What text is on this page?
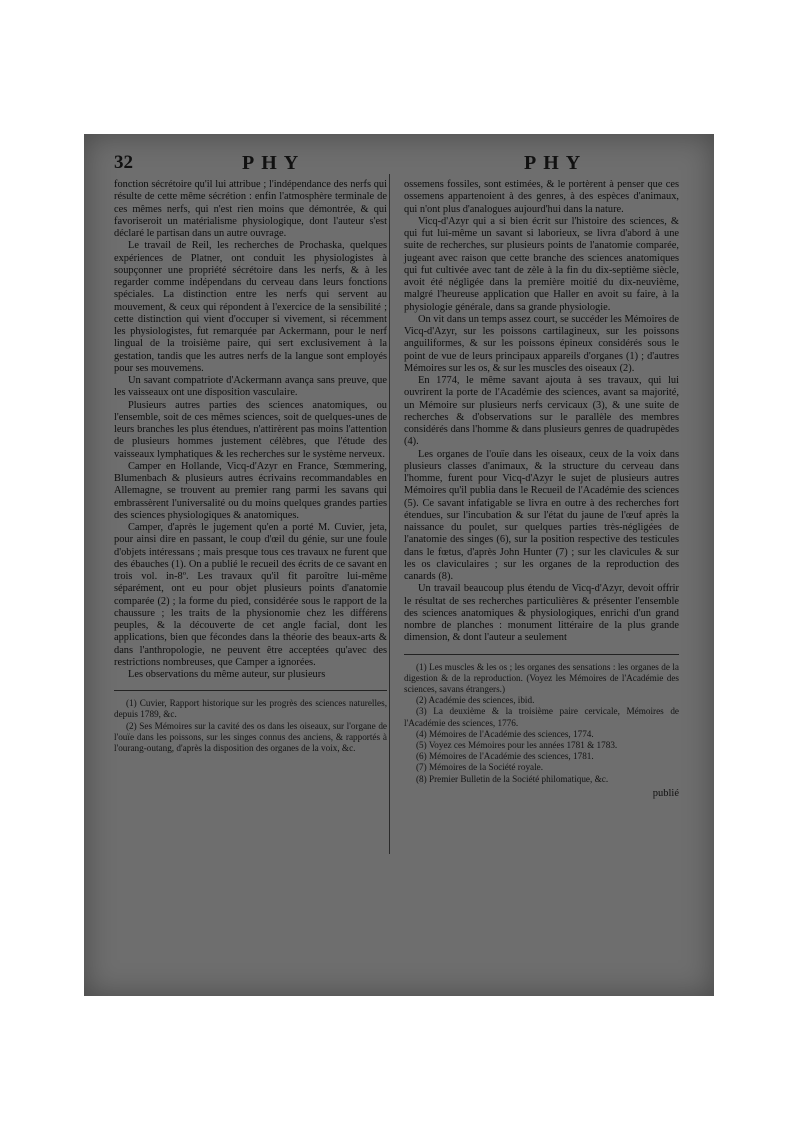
32	PHY	PHY

fonction sécrétoire qu'il lui attribue ; l'indépendance des nerfs qui résulte de cette même sécrétion : enfin l'atmosphère terminale de ces mêmes nerfs, qui n'est rien moins que démontrée, & qui favoriseroit un matérialisme physiologique, dont l'auteur s'est déclaré le partisan dans un autre ouvrage.

Le travail de Reil, les recherches de Prochaska, quelques expériences de Platner, ont conduit les physiologistes à soupçonner une propriété sécrétoire dans les nerfs, & à les regarder comme indépendans du cerveau dans leurs fonctions spéciales. La distinction entre les nerfs qui servent au mouvement, & ceux qui répondent à l'exercice de la sensibilité ; cette distinction qui vient d'occuper si vivement, si récemment les physiologistes, fut remarquée par Ackermann, pour le nerf lingual de la troisième paire, qui sert exclusivement à la gestation, tandis que les autres nerfs de la langue sont employés pour ses mouvemens.

Un savant compatriote d'Ackermann avança sans preuve, que les vaisseaux ont une disposition vasculaire.

Plusieurs autres parties des sciences anatomiques, ou l'ensemble, soit de ces mêmes sciences, soit de quelques-unes de leurs branches les plus étendues, n'attirèrent pas moins l'attention de plusieurs hommes justement célèbres, que l'étude des vaisseaux lymphatiques & les recherches sur le système nerveux.

Camper en Hollande, Vicq-d'Azyr en France, Sœmmering, Blumenbach & plusieurs autres écrivains recommandables en Allemagne, se trouvent au premier rang parmi les savans qui embrassèrent l'universalité ou du moins quelques grandes parties des sciences physiologiques & anatomiques.

Camper, d'après le jugement qu'en a porté M. Cuvier, jeta, pour ainsi dire en passant, le coup d'œil du génie, sur une foule d'objets intéressans ; mais presque tous ces travaux ne furent que des ébauches (1). On a publié le recueil des écrits de ce savant en trois vol. in-8º. Les travaux qu'il fit paroître lui-même séparément, ont eu pour objet plusieurs points d'anatomie comparée (2) ; la forme du pied, considérée sous le rapport de la chaussure ; les traits de la physionomie chez les différens peuples, & la découverte de cet angle facial, dont les applications, bien que fécondes dans la théorie des beaux-arts & dans l'anthropologie, ne peuvent être acceptées qu'avec des restrictions nombreuses, que Camper a ignorées.

Les observations du même auteur, sur plusieurs

(1) Cuvier, Rapport historique sur les progrès des sciences naturelles, depuis 1789, &c.

(2) Ses Mémoires sur la cavité des os dans les oiseaux, sur l'organe de l'ouïe dans les poissons, sur les singes connus des anciens, & rapportés à l'ourang-outang, d'après la disposition des organes de la voix, &c.

ossemens fossiles, sont estimées, & le portèrent à penser que ces ossemens appartenoient à des genres, à des espèces d'animaux, qui n'ont plus d'analogues aujourd'hui dans la nature.

Vicq-d'Azyr qui a si bien écrit sur l'histoire des sciences, & qui fut lui-même un savant si laborieux, se livra d'abord à une suite de recherches, sur plusieurs points de l'anatomie comparée, jugeant avec raison que cette branche des sciences anatomiques qui fut cultivée avec tant de zèle à la fin du dix-septième siècle, avoit été négligée dans la première moitié du dix-neuvième, malgré l'heureuse application que Haller en avoit su faire, à la physiologie générale, dans sa grande physiologie.

On vit dans un temps assez court, se succéder les Mémoires de Vicq-d'Azyr, sur les poissons cartilagineux, sur les poissons anguiliformes, & sur les poissons épineux considérés sous le point de vue de leurs principaux appareils d'organes (1) ; d'autres Mémoires sur les os, & sur les muscles des oiseaux (2).

En 1774, le même savant ajouta à ses travaux, qui lui ouvrirent la porte de l'Académie des sciences, avant sa majorité, un Mémoire sur plusieurs nerfs cervicaux (3), & une suite de recherches & d'observations sur le parallèle des membres considérés dans l'homme & dans plusieurs genres de quadrupèdes (4).

Les organes de l'ouïe dans les oiseaux, ceux de la voix dans plusieurs classes d'animaux, & la structure du cerveau dans l'homme, furent pour Vicq-d'Azyr le sujet de plusieurs autres Mémoires qu'il publia dans le Recueil de l'Académie des sciences (5). Ce savant infatigable se livra en outre à des recherches fort étendues, sur l'incubation & sur l'état du jaune de l'œuf après la naissance du poulet, sur quelques parties très-négligées de l'anatomie des singes (6), sur la position respective des testicules dans le fœtus, d'après John Hunter (7) ; sur les clavicules & sur les os claviculaires ; sur les organes de la reproduction des canards (8).

Un travail beaucoup plus étendu de Vicq-d'Azyr, devoit offrir le résultat de ses recherches particulières & présenter l'ensemble des sciences anatomiques & physiologiques, enrichi d'un grand nombre de planches : monument littéraire de la plus grande dimension, & dont l'auteur a seulement

(1) Les muscles & les os ; les organes des sensations : les organes de la digestion & de la reproduction. (Voyez les Mémoires de l'Académie des sciences, savans étrangers.)

(2) Académie des sciences, ibid.

(3) La deuxième & la troisième paire cervicale, Mémoires de l'Académie des sciences, 1776.

(4) Mémoires de l'Académie des sciences, 1774.

(5) Voyez ces Mémoires pour les années 1781 & 1783.

(6) Mémoires de l'Académie des sciences, 1781.

(7) Mémoires de la Société royale.

(8) Premier Bulletin de la Société philomatique, &c.

publié
